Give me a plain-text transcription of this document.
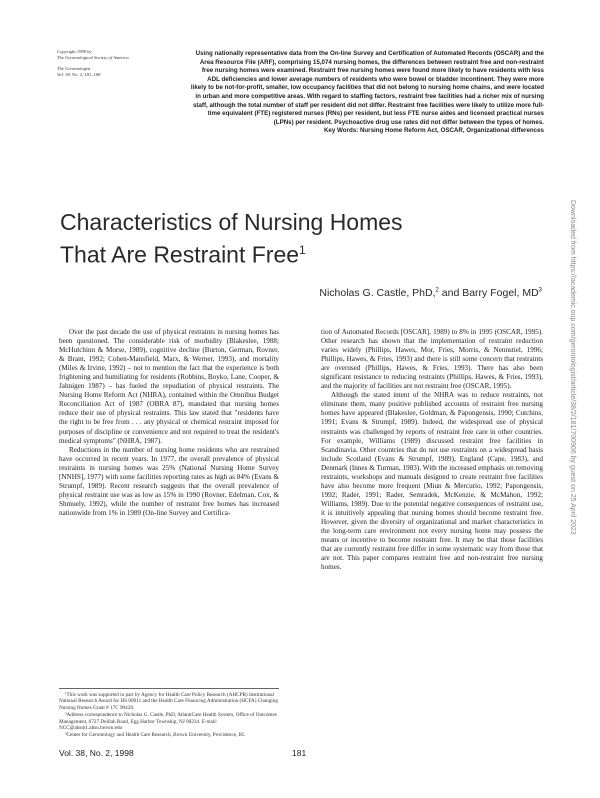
Copyright 1998 by
The Gerontological Society of America
The Gerontologist
Vol. 38, No. 2, 181–188

Using nationally representative data from the On-line Survey and Certification of Automated Records (OSCAR) and the Area Resource File (ARF), comprising 15,074 nursing homes, the differences between restraint free and non-restraint free nursing homes were examined. Restraint free nursing homes were found more likely to have residents with less ADL deficiencies and lower average numbers of residents who were bowel or bladder incontinent. They were more likely to be not-for-profit, smaller, low occupancy facilities that did not belong to nursing home chains, and were located in urban and more competitive areas. With regard to staffing factors, restraint free facilities had a richer mix of nursing staff, although the total number of staff per resident did not differ. Restraint free facilities were likely to utilize more full-time equivalent (FTE) registered nurses (RNs) per resident, but less FTE nurse aides and licensed practical nurses (LPNs) per resident. Psychoactive drug use rates did not differ between the types of homes.

Key Words: Nursing Home Reform Act, OSCAR, Organizational differences

Characteristics of Nursing Homes
That Are Restraint Free$^1$
Nicholas G. Castle, PhD,$^2$ and Barry Fogel, $MD^3$

Over the past decade the use of physical restraints in nursing homes has been questioned. The considerable risk of morbidity (Blakeslee, 1988; McHutchinn & Morse, 1989), cognitive decline (Burton, German, Rovner, & Brant, 1992; Cohen-Mansfield, Marx, & Werner, 1993), and mortality (Miles & Irvine, 1992) – not to mention the fact that the experience is both frightening and humiliating for residents (Robbins, Boyko, Lane, Cooper, & Jahnigen 1987) – has fueled the repudiation of physical restraints. The Nursing Home Reform Act (NHRA), contained within the Omnibus Budget Reconciliation Act of 1987 (OBRA 87), mandated that nursing homes reduce their use of physical restraints. This law stated that "residents have the right to be free from . . . any physical or chemical restraint imposed for purposes of discipline or convenience and not required to treat the resident's medical symptoms" (NHRA, 1987).

Reductions in the number of nursing home residents who are restrained have occurred in recent years. In 1977, the overall prevalence of physical restraints in nursing homes was 25% (National Nursing Home Survey [NNHS], 1977) with some facilities reporting rates as high as 84% (Evans & Strumpf, 1989). Recent research suggests that the overall prevalence of physical restraint use was as low as 15% in 1990 (Rovner, Edelman, Cox, & Shmuely, 1992), while the number of restraint free homes has increased nationwide from 1% in 1989 (On-line Survey and Certifica-

tion of Automated Records [OSCAR], 1989) to 8% in 1995 (OSCAR, 1995). Other research has shown that the implementation of restraint reduction varies widely (Phillips, Hawes, Mor, Fries, Morris, & Nennstiel, 1996; Phillips, Hawes, & Fries, 1993) and there is still some concern that restraints are overused (Phillips, Hawes, & Fries, 1993). There has also been significant resistance to reducing restraints (Phillips, Hawes, & Fries, 1993), and the majority of facilities are not restraint free (OSCAR, 1995).

Although the stated intent of the NHRA was to reduce restraints, not eliminate them, many positive published accounts of restraint free nursing homes have appeared (Blakeslee, Goldman, & Papongensis, 1990; Cutchins, 1991; Evans & Strumpf, 1989). Indeed, the widespread use of physical restraints was challenged by reports of restraint free care in other countries. For example, Williams (1989) discussed restraint free facilities in Scandinavia. Other countries that do not use restraints on a widespread basis include Scotland (Evans & Strumpf, 1989), England (Cape, 1983), and Denmark (Innes & Turman, 1983). With the increased emphasis on removing restraints, workshops and manuals designed to create restraint free facilities have also become more frequent (Miun & Mercurio, 1992; Papongensis, 1992; Rader, 1991; Rader, Semradek, McKenzie, & McMahon, 1992; Williams, 1989). Due to the potential negative consequences of restraint use, it is intuitively appealing that nursing homes should become restraint free. However, given the diversity of organizational and market characteristics in the long-term care environment not every nursing home may possess the means or incentive to become restraint free. It may be that those facilities that are currently restraint free differ in some systematic way from those that are not. This paper compares restraint free and non-restraint free nursing homes.

¹This work was supported in part by Agency for Health Care Policy Research (AHCPR) Institutional National Research Award for HS 00011 and the Health Care Financing Administration (HCFA) Changing Nursing Homes Grant # 17C 90428.

²Address correspondence to Nicholas G. Castle, PhD, AtlantiCare Health System, Office of Outcomes Management, 6727 Delilah Road, Egg Harbor Township, NJ 08234. E-mail: NCC@ahsm1.ahsn.brown.edu

³Center for Gerontology and Health Care Research, Brown University, Providence, RI.

Vol. 38, No. 2, 1998	181
Downloaded from https://academic.oup.com/gerontologist/article/38/2/181/700906 by guest on 25 April 2023
